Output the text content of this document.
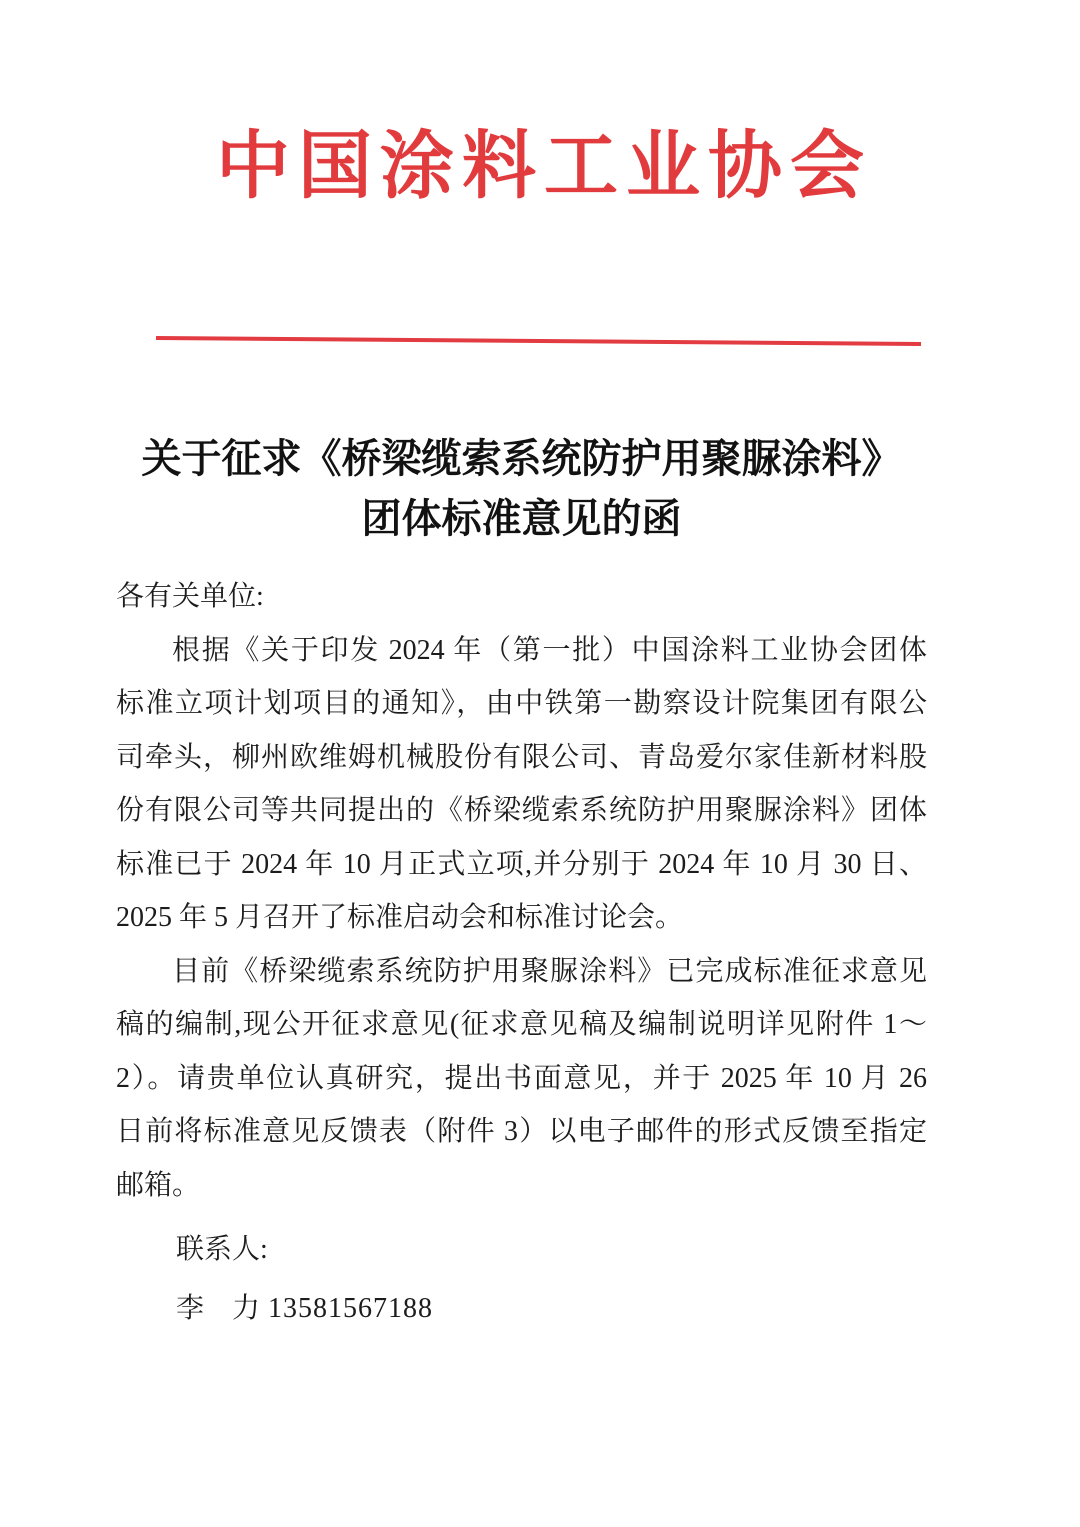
中国涂料工业协会
关于征求《桥梁缆索系统防护用聚脲涂料》
团体标准意见的函
各有关单位:
根据《关于印发 2024 年（第一批）中国涂料工业协会团体
标准立项计划项目的通知》，由中铁第一勘察设计院集团有限公
司牵头，柳州欧维姆机械股份有限公司、青岛爱尔家佳新材料股
份有限公司等共同提出的《桥梁缆索系统防护用聚脲涂料》团体
标准已于 2024 年 10 月正式立项,并分别于 2024 年 10 月 30 日、
2025 年 5 月召开了标准启动会和标准讨论会。
目前《桥梁缆索系统防护用聚脲涂料》已完成标准征求意见
稿的编制,现公开征求意见(征求意见稿及编制说明详见附件 1～
2）。请贵单位认真研究，提出书面意见，并于 2025 年 10 月 26
日前将标准意见反馈表（附件 3）以电子邮件的形式反馈至指定
邮箱。
联系人:
李　力 13581567188
